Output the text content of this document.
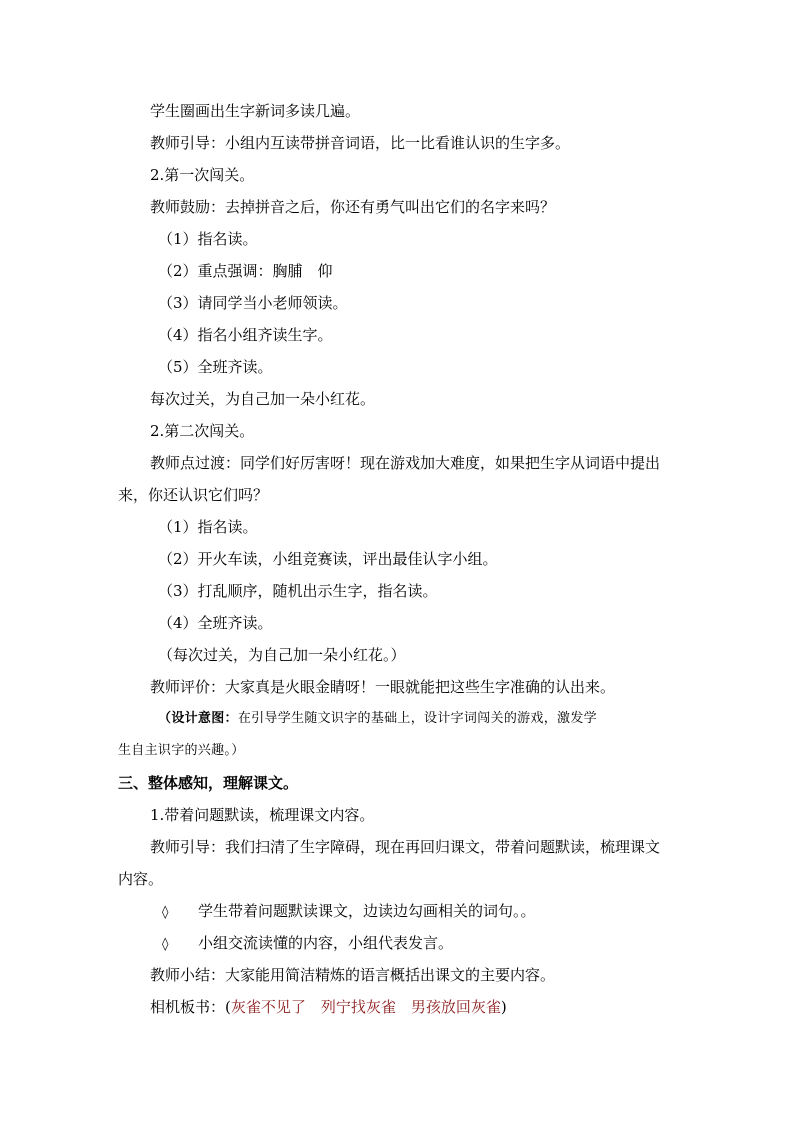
学生圈画出生字新词多读几遍。
教师引导：小组内互读带拼音词语，比一比看谁认识的生字多。
2.第一次闯关。
教师鼓励：去掉拼音之后，你还有勇气叫出它们的名字来吗？
（1）指名读。
（2）重点强调：胸脯　仰
（3）请同学当小老师领读。
（4）指名小组齐读生字。
（5）全班齐读。
每次过关，为自己加一朵小红花。
2.第二次闯关。
教师点过渡：同学们好厉害呀！现在游戏加大难度，如果把生字从词语中提出
来，你还认识它们吗？
（1）指名读。
（2）开火车读，小组竞赛读，评出最佳认字小组。
（3）打乱顺序，随机出示生字，指名读。
（4）全班齐读。
（每次过关，为自己加一朵小红花。）
教师评价：大家真是火眼金睛呀！一眼就能把这些生字准确的认出来。
（设计意图：在引导学生随文识字的基础上，设计字词闯关的游戏，激发学
生自主识字的兴趣。）
三、整体感知，理解课文。
1.带着问题默读，梳理课文内容。
教师引导：我们扫清了生字障碍，现在再回归课文，带着问题默读，梳理课文
内容。
◊ 学生带着问题默读课文，边读边勾画相关的词句。。
◊ 小组交流读懂的内容，小组代表发言。
教师小结：大家能用简洁精炼的语言概括出课文的主要内容。
相机板书：(灰雀不见了　列宁找灰雀　男孩放回灰雀)
